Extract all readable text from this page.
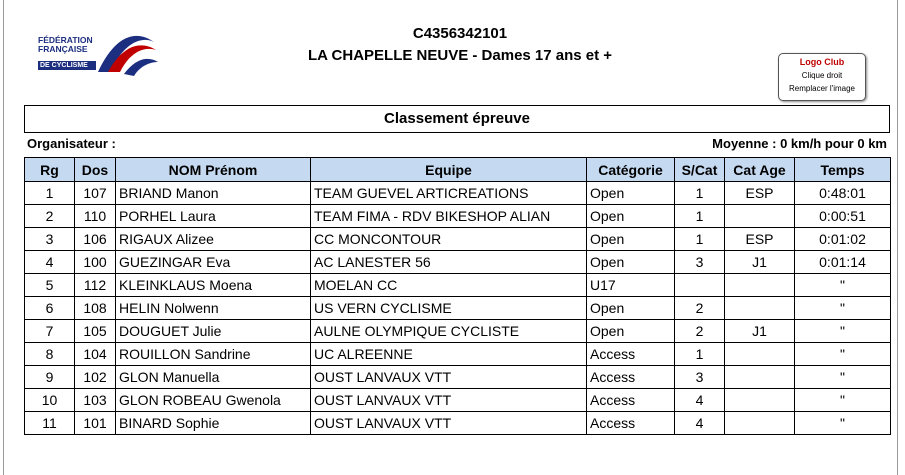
FÉDÉRATION
FRANÇAISE
DE CYCLISME
C4356342101
LA CHAPELLE NEUVE - Dames 17 ans et +	Logo Club
Clique droit
Remplacer l'image
Classement épreuve
Organisateur :	Moyenne : 0 km/h pour 0 km
Rg	Dos	NOM Prénom	Equipe	Catégorie	S/Cat	Cat Age	Temps
1	107	BRIAND Manon	TEAM GUEVEL ARTICREATIONS	Open	1	ESP	0:48:01
2	110	PORHEL Laura	TEAM FIMA - RDV BIKESHOP ALIAN	Open	1		0:00:51
3	106	RIGAUX Alizee	CC MONCONTOUR	Open	1	ESP	0:01:02
4	100	GUEZINGAR Eva	AC LANESTER 56	Open	3	J1	0:01:14
5	112	KLEINKLAUS Moena	MOELAN CC	U17			"
6	108	HELIN Nolwenn	US VERN CYCLISME	Open	2		"
7	105	DOUGUET Julie	AULNE OLYMPIQUE CYCLISTE	Open	2	J1	"
8	104	ROUILLON Sandrine	UC ALREENNE	Access	1		"
9	102	GLON Manuella	OUST LANVAUX VTT	Access	3		"
10	103	GLON ROBEAU Gwenola	OUST LANVAUX VTT	Access	4		"
11	101	BINARD Sophie	OUST LANVAUX VTT	Access	4		"
